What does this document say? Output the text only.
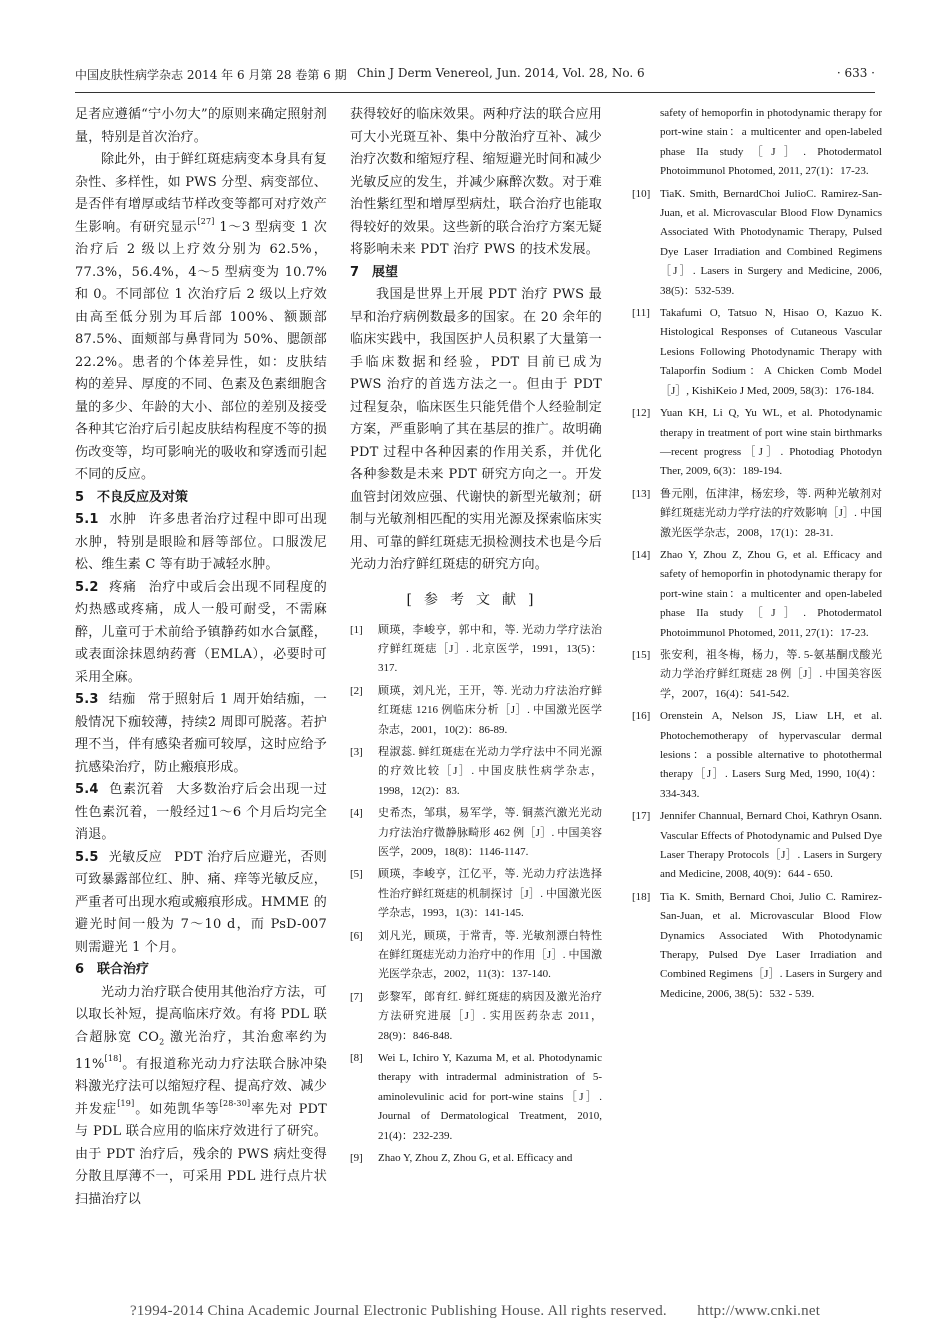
中国皮肤性病学杂志 2014 年 6 月第 28 卷第 6 期 Chin J Derm Venereol, Jun. 2014, Vol. 28, No. 6	· 633 ·

足者应遵循“宁小勿大”的原则来确定照射剂量，特别是首次治疗。

除此外，由于鲜红斑痣病变本身具有复杂性、多样性，如 PWS 分型、病变部位、是否伴有增厚或结节样改变等都可对疗效产生影响。有研究显示[27] 1～3 型病变 1 次治疗后 2 级以上疗效分别为 62.5%，77.3%，56.4%，4～5 型病变为 10.7% 和 0。不同部位 1 次治疗后 2 级以上疗效由高至低分别为耳后部 100%、额颞部 87.5%、面颊部与鼻背同为 50%、腮颌部 22.2%。患者的个体差异性，如：皮肤结构的差异、厚度的不同、色素及色素细胞含量的多少、年龄的大小、部位的差别及接受各种其它治疗后引起皮肤结构程度不等的损伤改变等，均可影响光的吸收和穿透而引起不同的反应。

5　不良反应及对策

5.1 水肿 许多患者治疗过程中即可出现水肿，特别是眼睑和唇等部位。口服泼尼松、维生素 C 等有助于减轻水肿。

5.2 疼痛 治疗中或后会出现不同程度的灼热感或疼痛，成人一般可耐受，不需麻醉，儿童可于术前给予镇静药如水合氯醛，或表面涂抹恩纳药膏（EMLA），必要时可采用全麻。

5.3 结痂 常于照射后 1 周开始结痂，一般情况下痂较薄，持续2 周即可脱落。若护理不当，伴有感染者痂可较厚，这时应给予抗感染治疗，防止瘢痕形成。

5.4 色素沉着 大多数治疗后会出现一过性色素沉着，一般经过1～6 个月后均完全消退。

5.5 光敏反应 PDT 治疗后应避光，否则可致暴露部位红、肿、痛、痒等光敏反应，严重者可出现水疱或瘢痕形成。HMME 的避光时间一般为 7～10 d，而 PsD-007 则需避光 1 个月。

6　联合治疗

光动力治疗联合使用其他治疗方法，可以取长补短，提高临床疗效。有将 PDL 联合超脉宽 $CO_2$ 激光治疗，其治愈率约为 11%[18]。有报道称光动力疗法联合脉冲染料激光疗法可以缩短疗程、提高疗效、减少并发症[19]。如苑凯华等[28-30]率先对 PDT 与 PDL 联合应用的临床疗效进行了研究。由于 PDT 治疗后，残余的 PWS 病灶变得分散且厚薄不一，可采用 PDL 进行点片状扫描治疗以

获得较好的临床效果。两种疗法的联合应用可大小光斑互补、集中分散治疗互补、减少治疗次数和缩短疗程、缩短避光时间和减少光敏反应的发生，并减少麻醉次数。对于难治性紫红型和增厚型病灶，联合治疗也能取得较好的效果。这些新的联合治疗方案无疑将影响未来 PDT 治疗 PWS 的技术发展。

7　展望

我国是世界上开展 PDT 治疗 PWS 最早和治疗病例数最多的国家。在 20 余年的临床实践中，我国医护人员积累了大量第一手临床数据和经验，PDT 目前已成为 PWS 治疗的首选方法之一。但由于 PDT 过程复杂，临床医生只能凭借个人经验制定方案，严重影响了其在基层的推广。故明确 PDT 过程中各种因素的作用关系，并优化各种参数是未来 PDT 研究方向之一。开发血管封闭效应强、代谢快的新型光敏剂；研制与光敏剂相匹配的实用光源及探索临床实用、可靠的鲜红斑痣无损检测技术也是今后光动力治疗鲜红斑痣的研究方向。

[参考文献]
[1]	顾瑛，李峻亨，郭中和，等. 光动力学疗法治疗鲜红斑痣［J］. 北京医学，1991，13(5)：317.
[2]	顾瑛，刘凡光，王开，等. 光动力疗法治疗鲜红斑痣 1216 例临床分析［J］. 中国激光医学杂志，2001，10(2)：86-89.
[3]	程淑蕊. 鲜红斑痣在光动力学疗法中不同光源的疗效比较［J］. 中国皮肤性病学杂志，1998，12(2)：83.
[4]	史希杰，邹琪，易军学，等. 铜蒸汽激光光动力疗法治疗微静脉畸形 462 例［J］. 中国美容医学，2009，18(8)：1146-1147.
[5]	顾瑛，李峻亨，江亿平，等. 光动力疗法选择性治疗鲜红斑痣的机制探讨［J］. 中国激光医学杂志，1993，1(3)：141-145.
[6]	刘凡光，顾瑛，于常青，等. 光敏剂漂白特性在鲜红斑痣光动力治疗中的作用［J］. 中国激光医学杂志，2002，11(3)：137-140.
[7]	彭黎军，郎育红. 鲜红斑痣的病因及激光治疗方法研究进展［J］. 实用医药杂志 2011，28(9)：846-848.
[8]	Wei L, Ichiro Y, Kazuma M, et al. Photodynamic therapy with intradermal administration of 5-aminolevulinic acid for port-wine stains［J］. Journal of Dermatological Treatment, 2010, 21(4)：232-239.
[9]	Zhao Y, Zhou Z, Zhou G, et al. Efficacy and
safety of hemoporfin in photodynamic therapy for port-wine stain：a multicenter and open-labeled phase IIa study［J］. Photodermatol Photoimmunol Photomed, 2011, 27(1)：17-23.
[10] TiaK. Smith, BernardChoi JulioC. Ramirez-San-Juan, et al. Microvascular Blood Flow Dynamics Associated With Photodynamic Therapy, Pulsed Dye Laser Irradiation and Combined Regimens［J］. Lasers in Surgery and Medicine, 2006, 38(5)：532-539.
[11] Takafumi O, Tatsuo N, Hisao O, Kazuo K. Histological Responses of Cutaneous Vascular Lesions Following Photodynamic Therapy with Talaporfin Sodium：A Chicken Comb Model［J］, KishiKeio J Med, 2009, 58(3)：176-184.
[12] Yuan KH, Li Q, Yu WL, et al. Photodynamic therapy in treatment of port wine stain birthmarks—recent progress［J］. Photodiag Photodyn Ther, 2009, 6(3)：189-194.
[13] 鲁元刚，伍津津，杨宏珍，等. 两种光敏剂对鲜红斑痣光动力学疗法的疗效影响［J］. 中国激光医学杂志，2008，17(1)：28-31.
[14] Zhao Y, Zhou Z, Zhou G, et al. Efficacy and safety of hemoporfin in photodynamic therapy for port-wine stain：a multicenter and open-labeled phase IIa study［J］. Photodermatol Photoimmunol Photomed, 2011, 27(1)：17-23.
[15] 张安利，祖冬梅，杨力，等. 5-氨基酮戊酸光动力学治疗鲜红斑痣 28 例［J］. 中国美容医学，2007，16(4)：541-542.
[16] Orenstein A, Nelson JS, Liaw LH, et al. Photochemotherapy of hypervascular dermal lesions：a possible alternative to photothermal therapy［J］. Lasers Surg Med, 1990, 10(4)：334-343.
[17] Jennifer Channual, Bernard Choi, Kathryn Osann. Vascular Effects of Photodynamic and Pulsed Dye Laser Therapy Protocols［J］. Lasers in Surgery and Medicine, 2008, 40(9)：644 - 650.
[18] Tia K. Smith, Bernard Choi, Julio C. Ramirez-San-Juan, et al. Microvascular Blood Flow Dynamics Associated With Photodynamic Therapy, Pulsed Dye Laser Irradiation and Combined Regimens［J］. Lasers in Surgery and Medicine, 2006, 38(5)：532 - 539.
?1994-2014 China Academic Journal Electronic Publishing House. All rights reserved.　　http://www.cnki.net
